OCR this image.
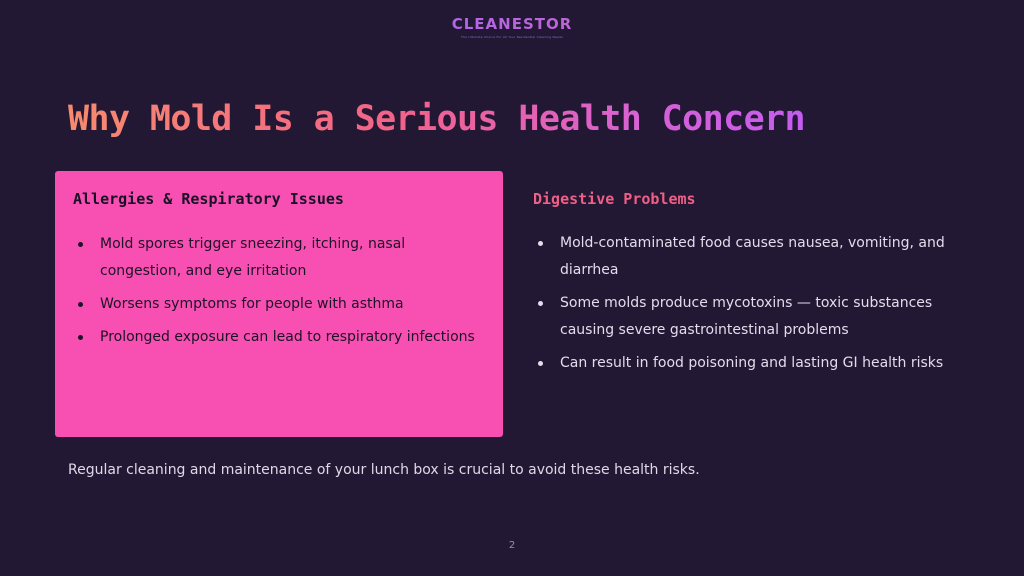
CLEANESTOR
The Ultimate Choice For All Your Residential Cleaning Needs
Why Mold Is a Serious Health Concern
Allergies & Respiratory Issues
Mold spores trigger sneezing, itching, nasal congestion, and eye irritation
Worsens symptoms for people with asthma
Prolonged exposure can lead to respiratory infections
Digestive Problems
Mold-contaminated food causes nausea, vomiting, and diarrhea
Some molds produce mycotoxins — toxic substances causing severe gastrointestinal problems
Can result in food poisoning and lasting GI health risks

Regular cleaning and maintenance of your lunch box is crucial to avoid these health risks.

2
